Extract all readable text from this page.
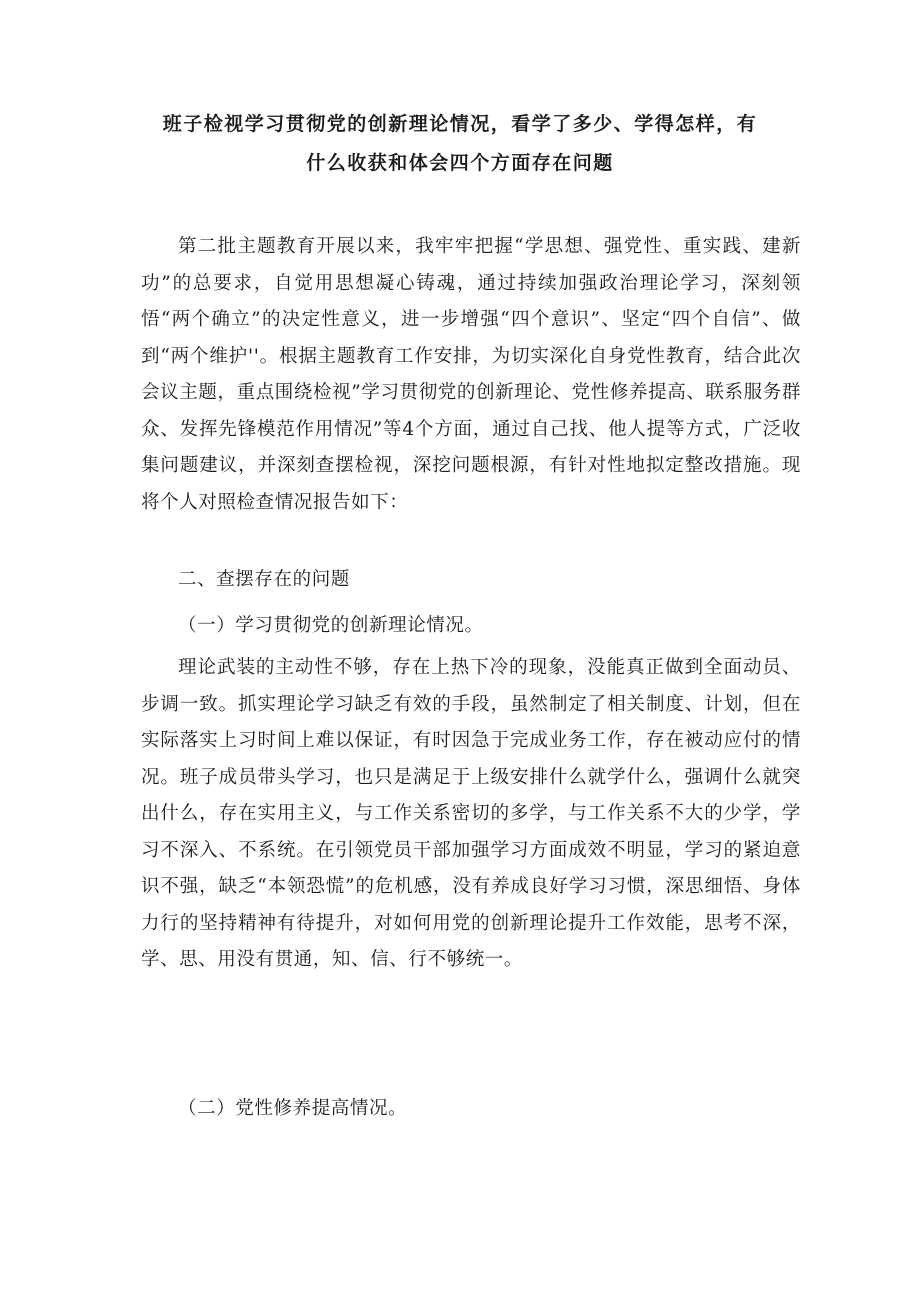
班子检视学习贯彻党的创新理论情况，看学了多少、学得怎样，有
什么收获和体会四个方面存在问题

第二批主题教育开展以来，我牢牢把握“学思想、强党性、重实践、建新功”的总要求，自觉用思想凝心铸魂，通过持续加强政治理论学习，深刻领悟“两个确立”的决定性意义，进一步增强“四个意识”、坚定“四个自信”、做到“两个维护''。根据主题教育工作安排，为切实深化自身党性教育，结合此次会议主题，重点围绕检视”学习贯彻党的创新理论、党性修养提高、联系服务群众、发挥先锋模范作用情况”等4个方面，通过自己找、他人提等方式，广泛收集问题建议，并深刻查摆检视，深挖问题根源，有针对性地拟定整改措施。现将个人对照检查情况报告如下：

二、查摆存在的问题
（一）学习贯彻党的创新理论情况。

理论武装的主动性不够，存在上热下冷的现象，没能真正做到全面动员、步调一致。抓实理论学习缺乏有效的手段，虽然制定了相关制度、计划，但在实际落实上习时间上难以保证，有时因急于完成业务工作，存在被动应付的情况。班子成员带头学习，也只是满足于上级安排什么就学什么，强调什么就突出什么，存在实用主义，与工作关系密切的多学，与工作关系不大的少学，学习不深入、不系统。在引领党员干部加强学习方面成效不明显，学习的紧迫意识不强，缺乏“本领恐慌”的危机感，没有养成良好学习习惯，深思细悟、身体力行的坚持精神有待提升，对如何用党的创新理论提升工作效能，思考不深，学、思、用没有贯通，知、信、行不够统一。

（二）党性修养提高情况。
